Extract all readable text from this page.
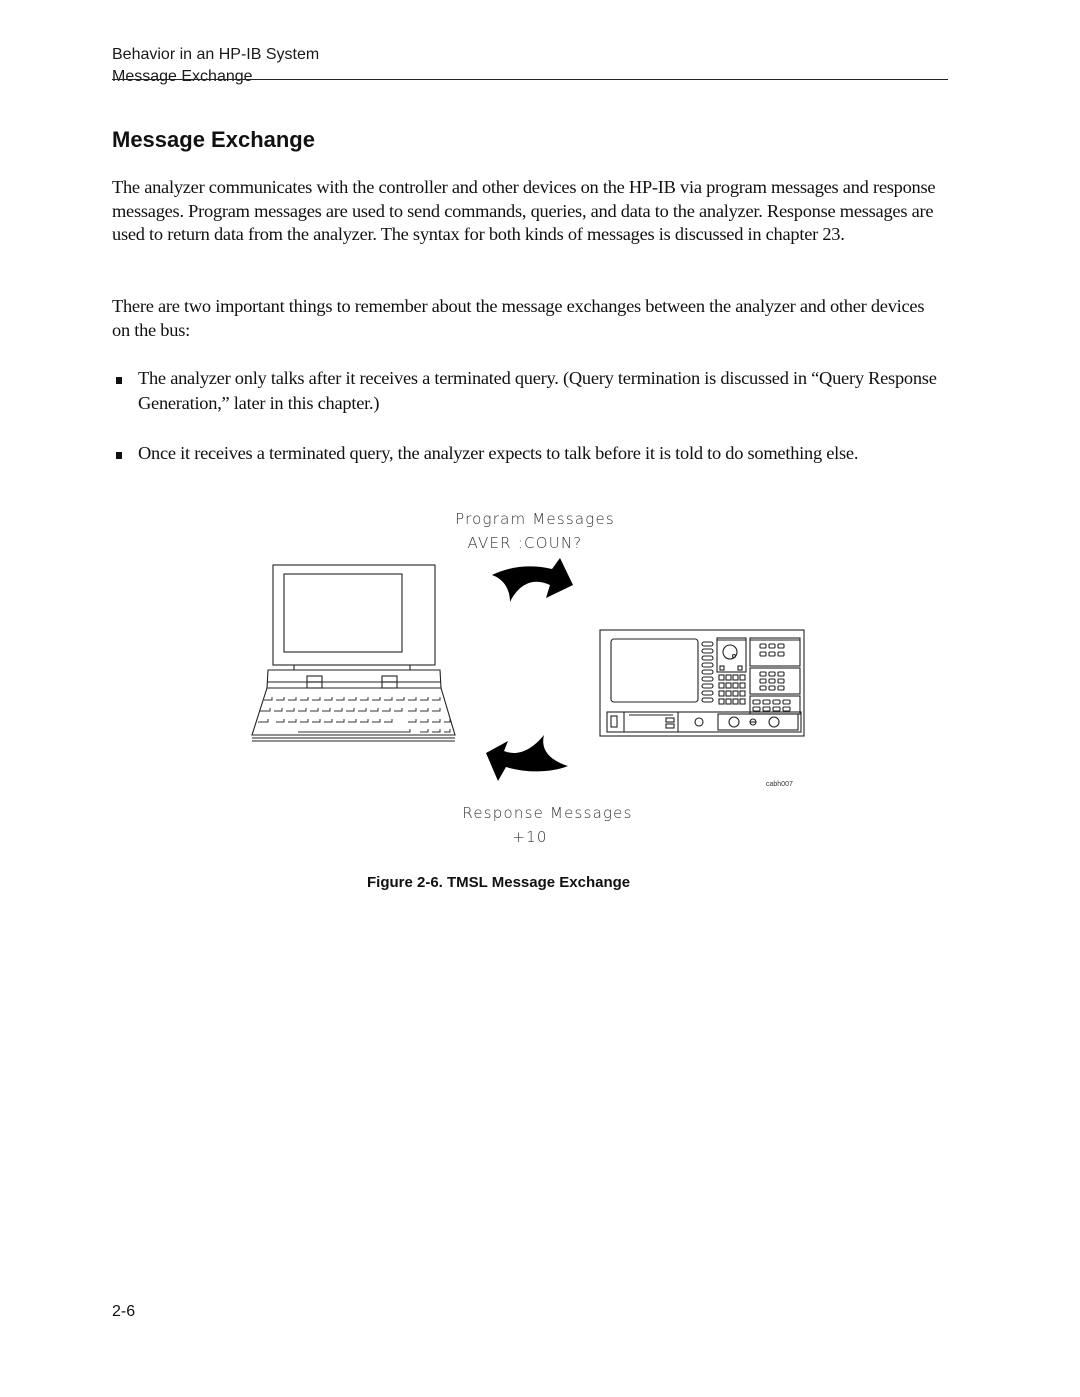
Behavior in an HP-IB System
Message Exchange
Message Exchange

The analyzer communicates with the controller and other devices on the HP-IB via program messages and response messages. Program messages are used to send commands, queries, and data to the analyzer. Response messages are used to return data from the analyzer. The syntax for both kinds of messages is discussed in chapter 23.

There are two important things to remember about the message exchanges between the analyzer and other devices on the bus:

The analyzer only talks after it receives a terminated query. (Query termination is discussed in “Query Response Generation,” later in this chapter.)
Once it receives a terminated query, the analyzer expects to talk before it is told to do something else.
Program Messages
AVER :COUN?
cabh007
Response Messages
+10
Figure 2-6. TMSL Message Exchange
2-6
